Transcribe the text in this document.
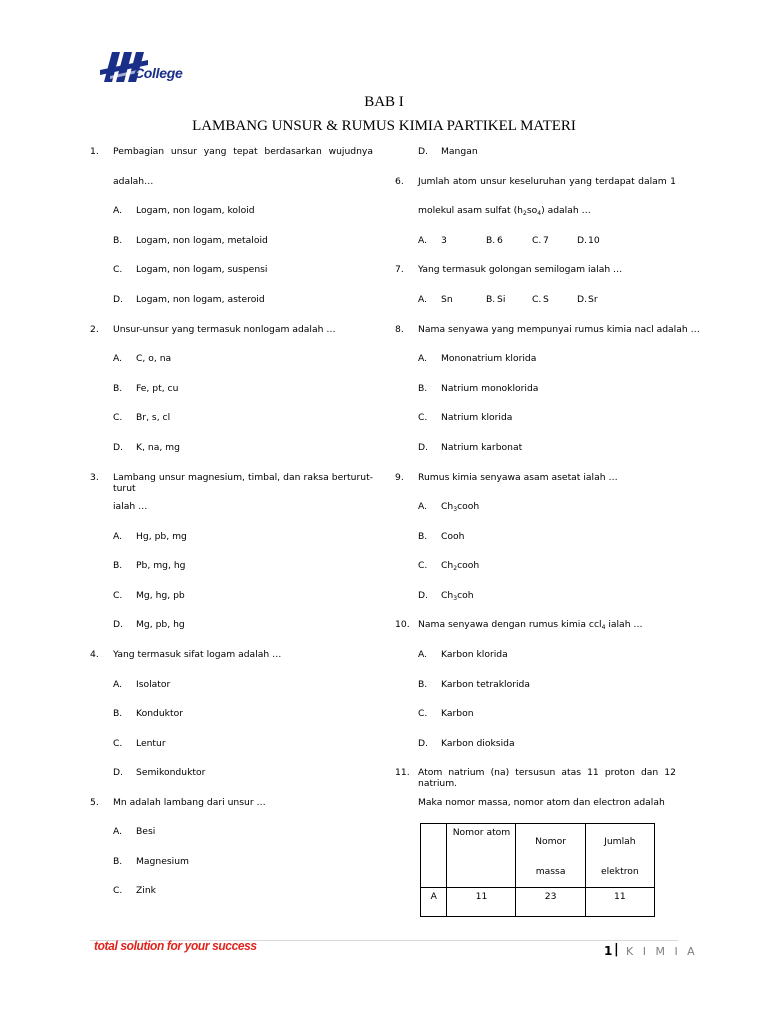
College
BAB I
LAMBANG UNSUR & RUMUS KIMIA PARTIKEL MATERI
1. Pembagian unsur yang tepat berdasarkan wujudnya
adalah…
A. Logam, non logam, koloid
B. Logam, non logam, metaloid
C. Logam, non logam, suspensi
D. Logam, non logam, asteroid
2. Unsur-unsur yang termasuk nonlogam adalah …
A. C, o, na
B. Fe, pt, cu
C. Br, s, cl
D. K, na, mg
3. Lambang unsur magnesium, timbal, dan raksa berturut-turut
ialah …
A. Hg, pb, mg
B. Pb, mg, hg
C. Mg, hg, pb
D. Mg, pb, hg
4. Yang termasuk sifat logam adalah …
A. Isolator
B. Konduktor
C. Lentur
D. Semikonduktor
5. Mn adalah lambang dari unsur …
A. Besi
B. Magnesium
C. Zink
D. Mangan
6. Jumlah atom unsur keseluruhan yang terdapat dalam 1
molekul asam sulfat $(h_2so_4)$ adalah …
A. 3	B. 6	C. 7	D. 10
7. Yang termasuk golongan semilogam ialah …
A. Sn	B. Si	C. S	D. Sr
8. Nama senyawa yang mempunyai rumus kimia nacl adalah …
A. Mononatrium klorida
B. Natrium monoklorida
C. Natrium klorida
D. Natrium karbonat
9. Rumus kimia senyawa asam asetat ialah …
A. $Ch_3cooh$
B. Cooh
C. $Ch_2cooh$
D. $Ch_3coh$
10. Nama senyawa dengan rumus kimia ccl$_4$ ialah …
A. Karbon klorida
B. Karbon tetraklorida
C. Karbon
D. Karbon dioksida
11. Atom natrium (na) tersusun atas 11 proton dan 12 natrium.
Maka nomor massa, nomor atom dan electron adalah

	Nomor atom	Nomor massa	Jumlah elektron

A	11	23	11
total solution for your success	1 | K I M I A
